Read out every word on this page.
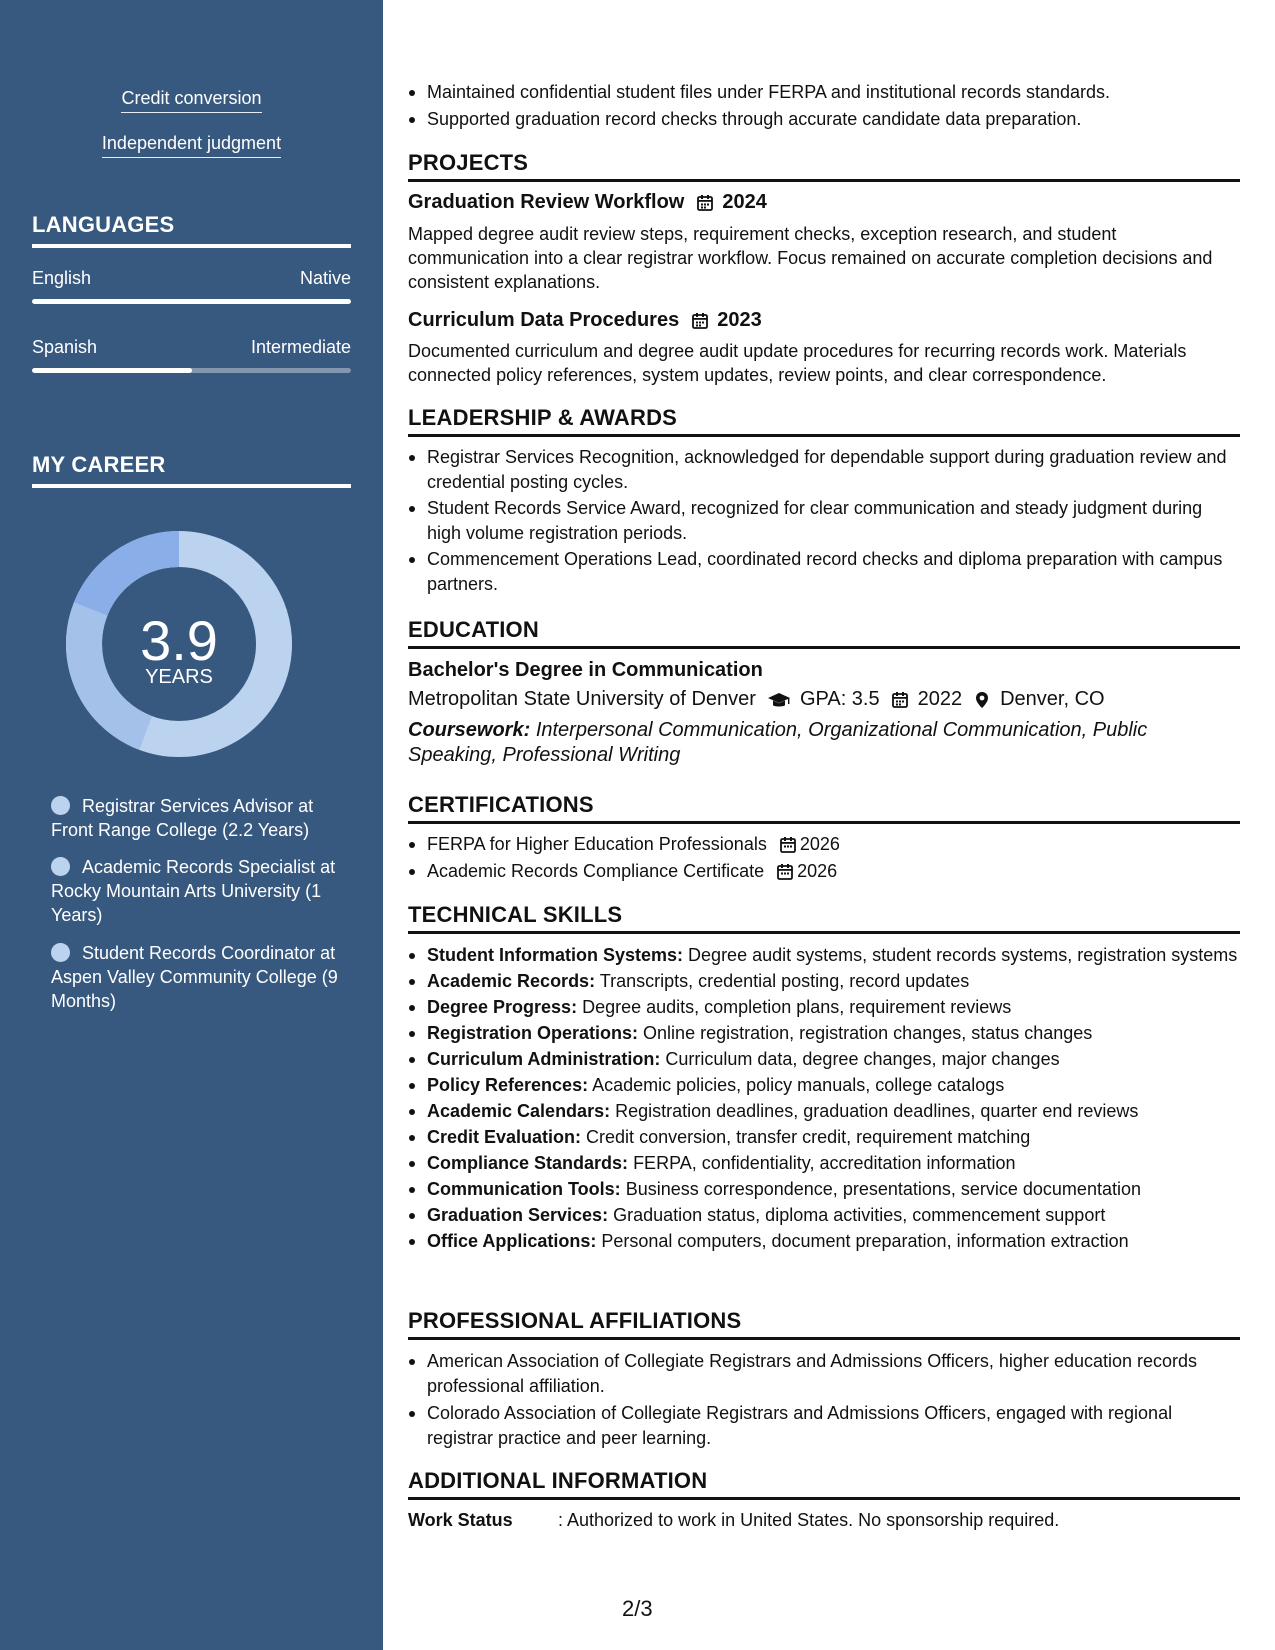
Credit conversion
Independent judgment
LANGUAGES
English	Native
Spanish	Intermediate
MY CAREER
3.9
YEARS
Registrar Services Advisor at Front Range College (2.2 Years)
Academic Records Specialist at Rocky Mountain Arts University (1 Years)
Student Records Coordinator at Aspen Valley Community College (9 Months)
Maintained confidential student files under FERPA and institutional records standards.
Supported graduation record checks through accurate candidate data preparation.
PROJECTS
Graduation Review Workflow 2024
Mapped degree audit review steps, requirement checks, exception research, and student communication into a clear registrar workflow. Focus remained on accurate completion decisions and consistent explanations.
Curriculum Data Procedures 2023
Documented curriculum and degree audit update procedures for recurring records work. Materials connected policy references, system updates, review points, and clear correspondence.
LEADERSHIP & AWARDS
Registrar Services Recognition, acknowledged for dependable support during graduation review and credential posting cycles.
Student Records Service Award, recognized for clear communication and steady judgment during high volume registration periods.
Commencement Operations Lead, coordinated record checks and diploma preparation with campus partners.
EDUCATION
Bachelor's Degree in Communication
Metropolitan State University of Denver GPA: 3.5 2022 Denver, CO
Coursework: Interpersonal Communication, Organizational Communication, Public Speaking, Professional Writing
CERTIFICATIONS
FERPA for Higher Education Professionals 2026
Academic Records Compliance Certificate 2026
TECHNICAL SKILLS
Student Information Systems: Degree audit systems, student records systems, registration systems
Academic Records: Transcripts, credential posting, record updates
Degree Progress: Degree audits, completion plans, requirement reviews
Registration Operations: Online registration, registration changes, status changes
Curriculum Administration: Curriculum data, degree changes, major changes
Policy References: Academic policies, policy manuals, college catalogs
Academic Calendars: Registration deadlines, graduation deadlines, quarter end reviews
Credit Evaluation: Credit conversion, transfer credit, requirement matching
Compliance Standards: FERPA, confidentiality, accreditation information
Communication Tools: Business correspondence, presentations, service documentation
Graduation Services: Graduation status, diploma activities, commencement support
Office Applications: Personal computers, document preparation, information extraction
PROFESSIONAL AFFILIATIONS
American Association of Collegiate Registrars and Admissions Officers, higher education records professional affiliation.
Colorado Association of Collegiate Registrars and Admissions Officers, engaged with regional registrar practice and peer learning.
ADDITIONAL INFORMATION
Work Status	: Authorized to work in United States. No sponsorship required.
2/3
